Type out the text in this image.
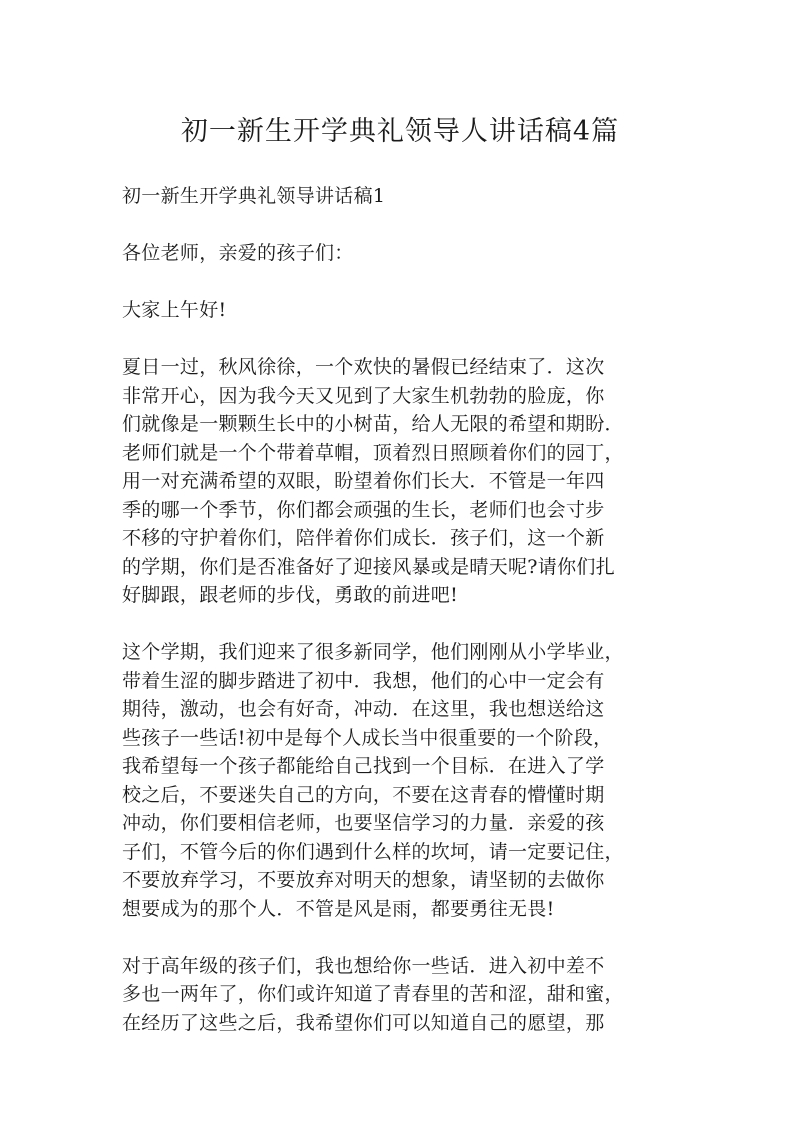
初一新生开学典礼领导人讲话稿4篇

初一新生开学典礼领导讲话稿1

各位老师，亲爱的孩子们：

大家上午好!

夏日一过，秋风徐徐，一个欢快的暑假已经结束了．这次

非常开心，因为我今天又见到了大家生机勃勃的脸庞，你

们就像是一颗颗生长中的小树苗，给人无限的希望和期盼．

老师们就是一个个带着草帽，顶着烈日照顾着你们的园丁，

用一对充满希望的双眼，盼望着你们长大．不管是一年四

季的哪一个季节，你们都会顽强的生长，老师们也会寸步

不移的守护着你们，陪伴着你们成长．孩子们，这一个新

的学期，你们是否准备好了迎接风暴或是晴天呢?请你们扎

好脚跟，跟老师的步伐，勇敢的前进吧!

这个学期，我们迎来了很多新同学，他们刚刚从小学毕业，

带着生涩的脚步踏进了初中．我想，他们的心中一定会有

期待，激动，也会有好奇，冲动．在这里，我也想送给这

些孩子一些话!初中是每个人成长当中很重要的一个阶段，

我希望每一个孩子都能给自己找到一个目标．在进入了学

校之后，不要迷失自己的方向，不要在这青春的懵懂时期

冲动，你们要相信老师，也要坚信学习的力量．亲爱的孩

子们，不管今后的你们遇到什么样的坎坷，请一定要记住，

不要放弃学习，不要放弃对明天的想象，请坚韧的去做你

想要成为的那个人．不管是风是雨，都要勇往无畏!

对于高年级的孩子们，我也想给你一些话．进入初中差不

多也一两年了，你们或许知道了青春里的苦和涩，甜和蜜，

在经历了这些之后，我希望你们可以知道自己的愿望，那
